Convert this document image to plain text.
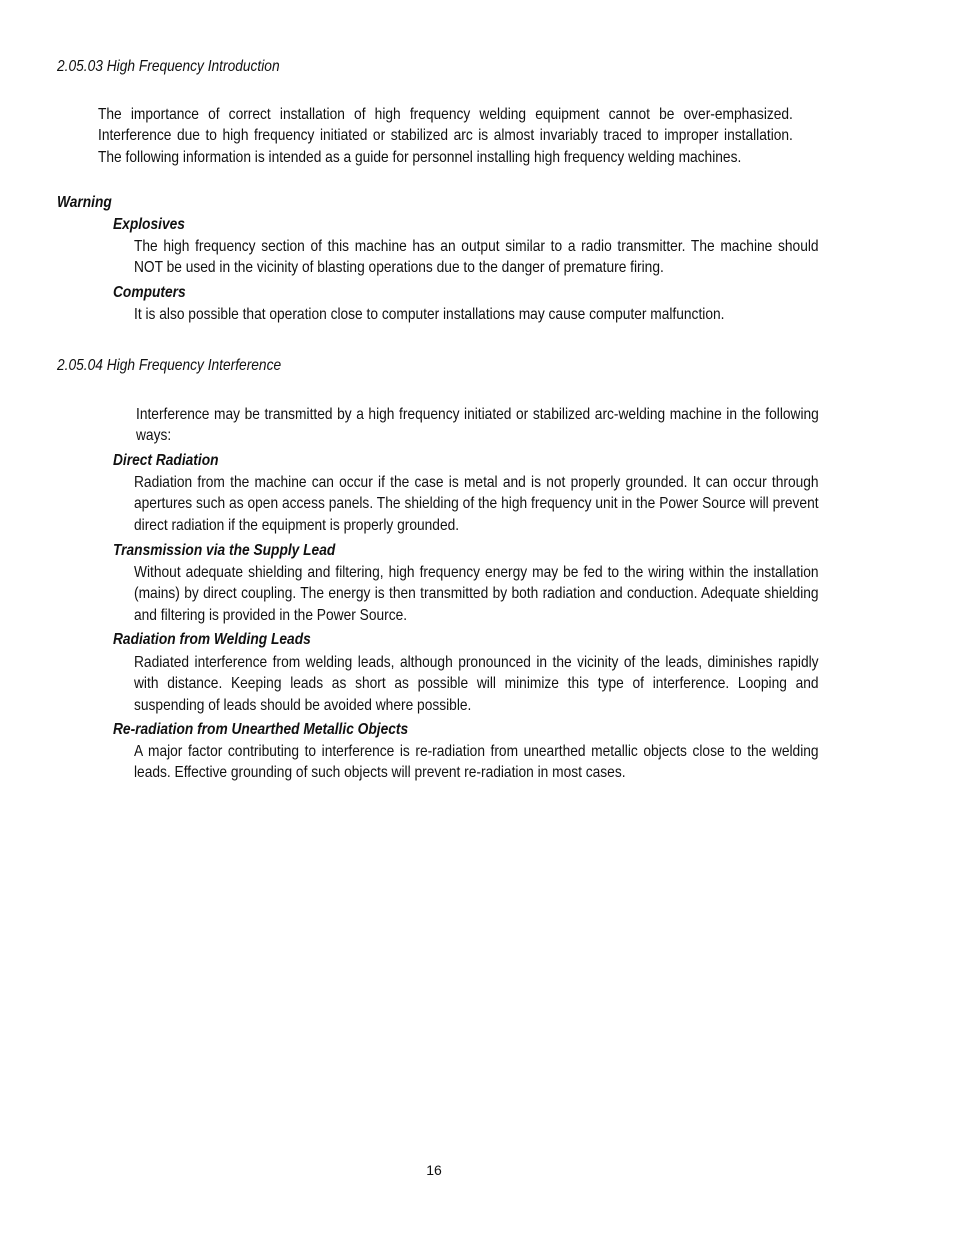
2.05.03 High Frequency Introduction
The importance of correct installation of high frequency welding equipment cannot be over-emphasized. Interference due to high frequency initiated or stabilized arc is almost invariably traced to improper installation. The following information is intended as a guide for personnel installing high frequency welding machines.
Warning
Explosives
The high frequency section of this machine has an output similar to a radio transmitter. The machine should NOT be used in the vicinity of blasting operations due to the danger of premature firing.
Computers
It is also possible that operation close to computer installations may cause computer malfunction.
2.05.04 High Frequency Interference
Interference may be transmitted by a high frequency initiated or stabilized arc-welding machine in the following ways:
Direct Radiation
Radiation from the machine can occur if the case is metal and is not properly grounded. It can occur through apertures such as open access panels. The shielding of the high frequency unit in the Power Source will prevent direct radiation if the equipment is properly grounded.
Transmission via the Supply Lead
Without adequate shielding and filtering, high frequency energy may be fed to the wiring within the installation (mains) by direct coupling. The energy is then transmitted by both radiation and conduction. Adequate shielding and filtering is provided in the Power Source.
Radiation from Welding Leads
Radiated interference from welding leads, although pronounced in the vicinity of the leads, diminishes rapidly with distance. Keeping leads as short as possible will minimize this type of interference. Looping and suspending of leads should be avoided where possible.
Re-radiation from Unearthed Metallic Objects
A major factor contributing to interference is re-radiation from unearthed metallic objects close to the welding leads. Effective grounding of such objects will prevent re-radiation in most cases.
16
